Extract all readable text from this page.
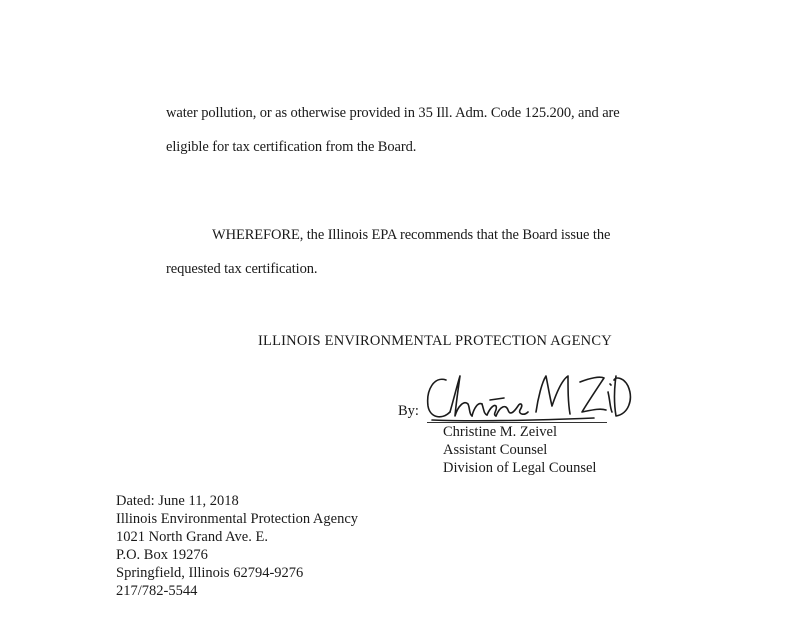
water pollution, or as otherwise provided in 35 Ill. Adm. Code 125.200, and are
eligible for tax certification from the Board.
WHEREFORE, the Illinois EPA recommends that the Board issue the
requested tax certification.
ILLINOIS ENVIRONMENTAL PROTECTION AGENCY
By:
Christine M. Zeivel
Assistant Counsel
Division of Legal Counsel
Dated: June 11, 2018
Illinois Environmental Protection Agency
1021 North Grand Ave. E.
P.O. Box 19276
Springfield, Illinois 62794-9276
217/782-5544
